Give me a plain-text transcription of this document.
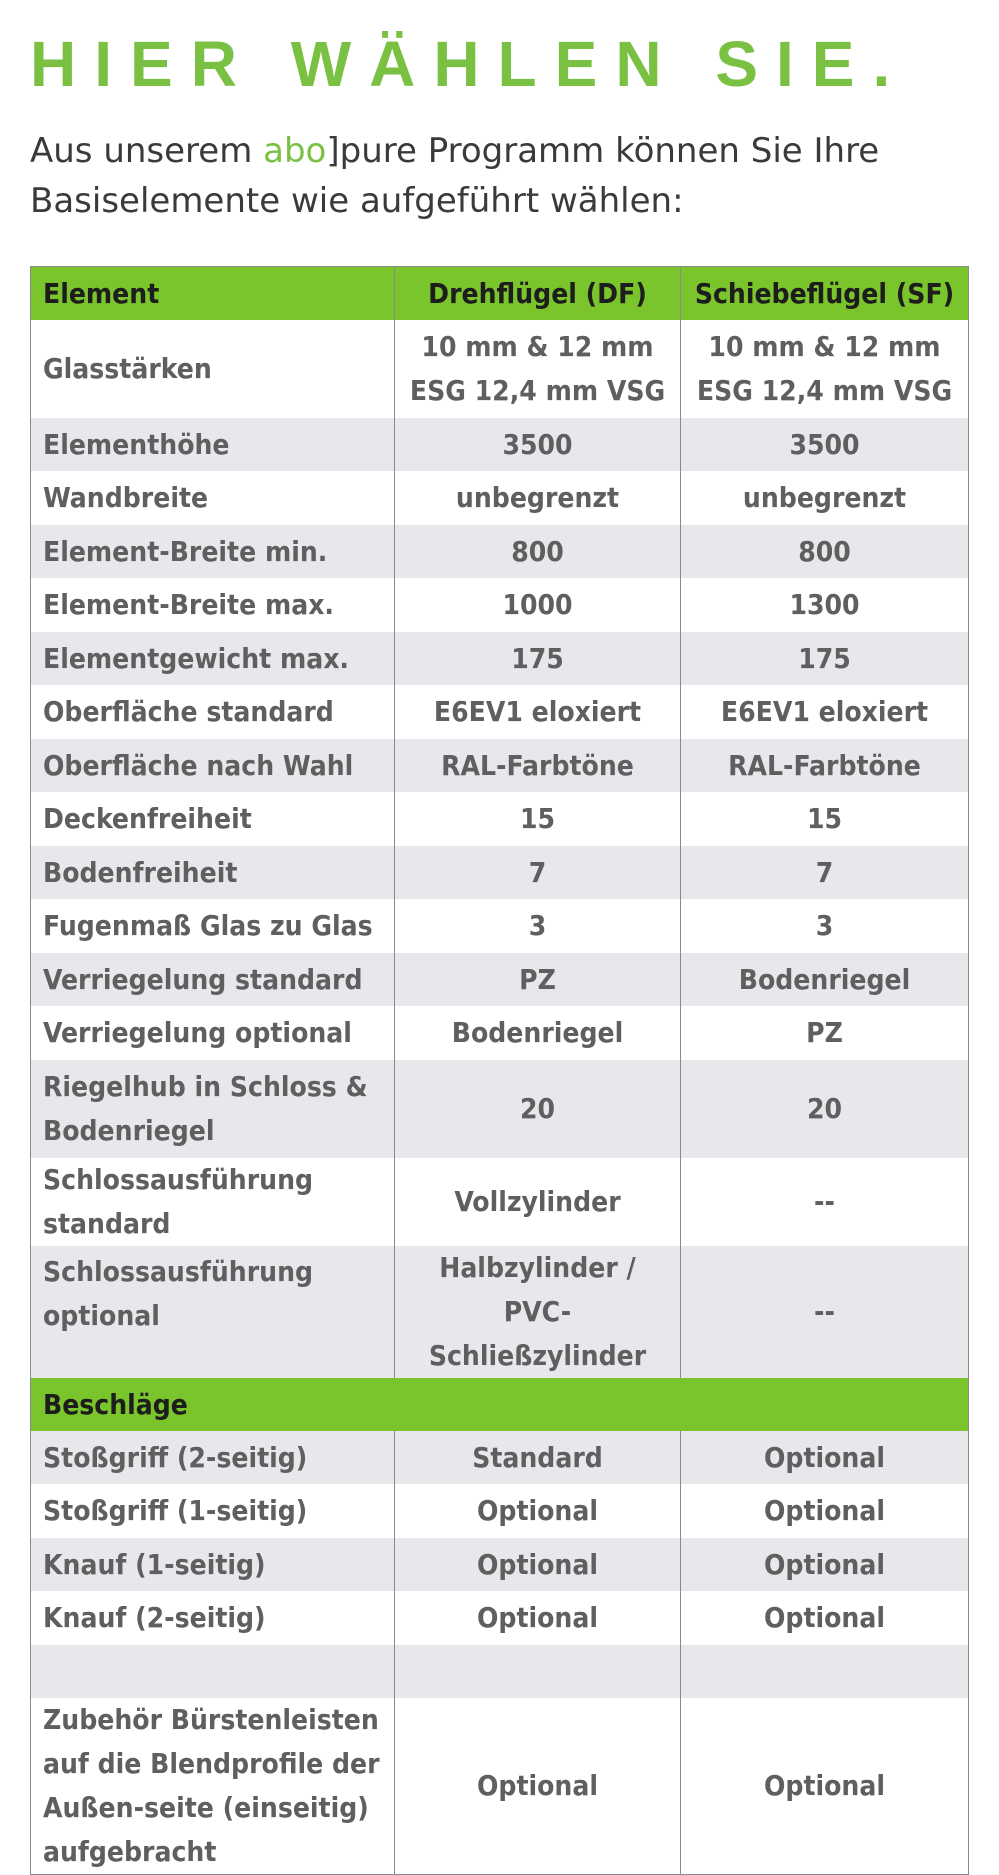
HIER WÄHLEN SIE.

Aus unserem abo]pure Programm können Sie Ihre Basiselemente wie aufgeführt wählen:

Element	Drehflügel (DF)	Schiebeflügel (SF)
Glasstärken	10 mm & 12 mm ESG 12,4 mm VSG	10 mm & 12 mm ESG 12,4 mm VSG
Elementhöhe	3500	3500
Wandbreite	unbegrenzt	unbegrenzt
Element-Breite min.	800	800
Element-Breite max.	1000	1300
Elementgewicht max.	175	175
Oberfläche standard	E6EV1 eloxiert	E6EV1 eloxiert
Oberfläche nach Wahl	RAL-Farbtöne	RAL-Farbtöne
Deckenfreiheit	15	15
Bodenfreiheit	7	7
Fugenmaß Glas zu Glas	3	3
Verriegelung standard	PZ	Bodenriegel
Verriegelung optional	Bodenriegel	PZ
Riegelhub in Schloss & Bodenriegel	20	20
Schlossausführung standard	Vollzylinder	--
Schlossausführung optional	Halbzylinder / PVC-Schließzylinder	--
Beschläge		
Stoßgriff (2-seitig)	Standard	Optional
Stoßgriff (1-seitig)	Optional	Optional
Knauf (1-seitig)	Optional	Optional
Knauf (2-seitig)	Optional	Optional

Zubehör Bürstenleisten auf die Blendprofile der Außen-seite (einseitig) aufgebracht	Optional	Optional
